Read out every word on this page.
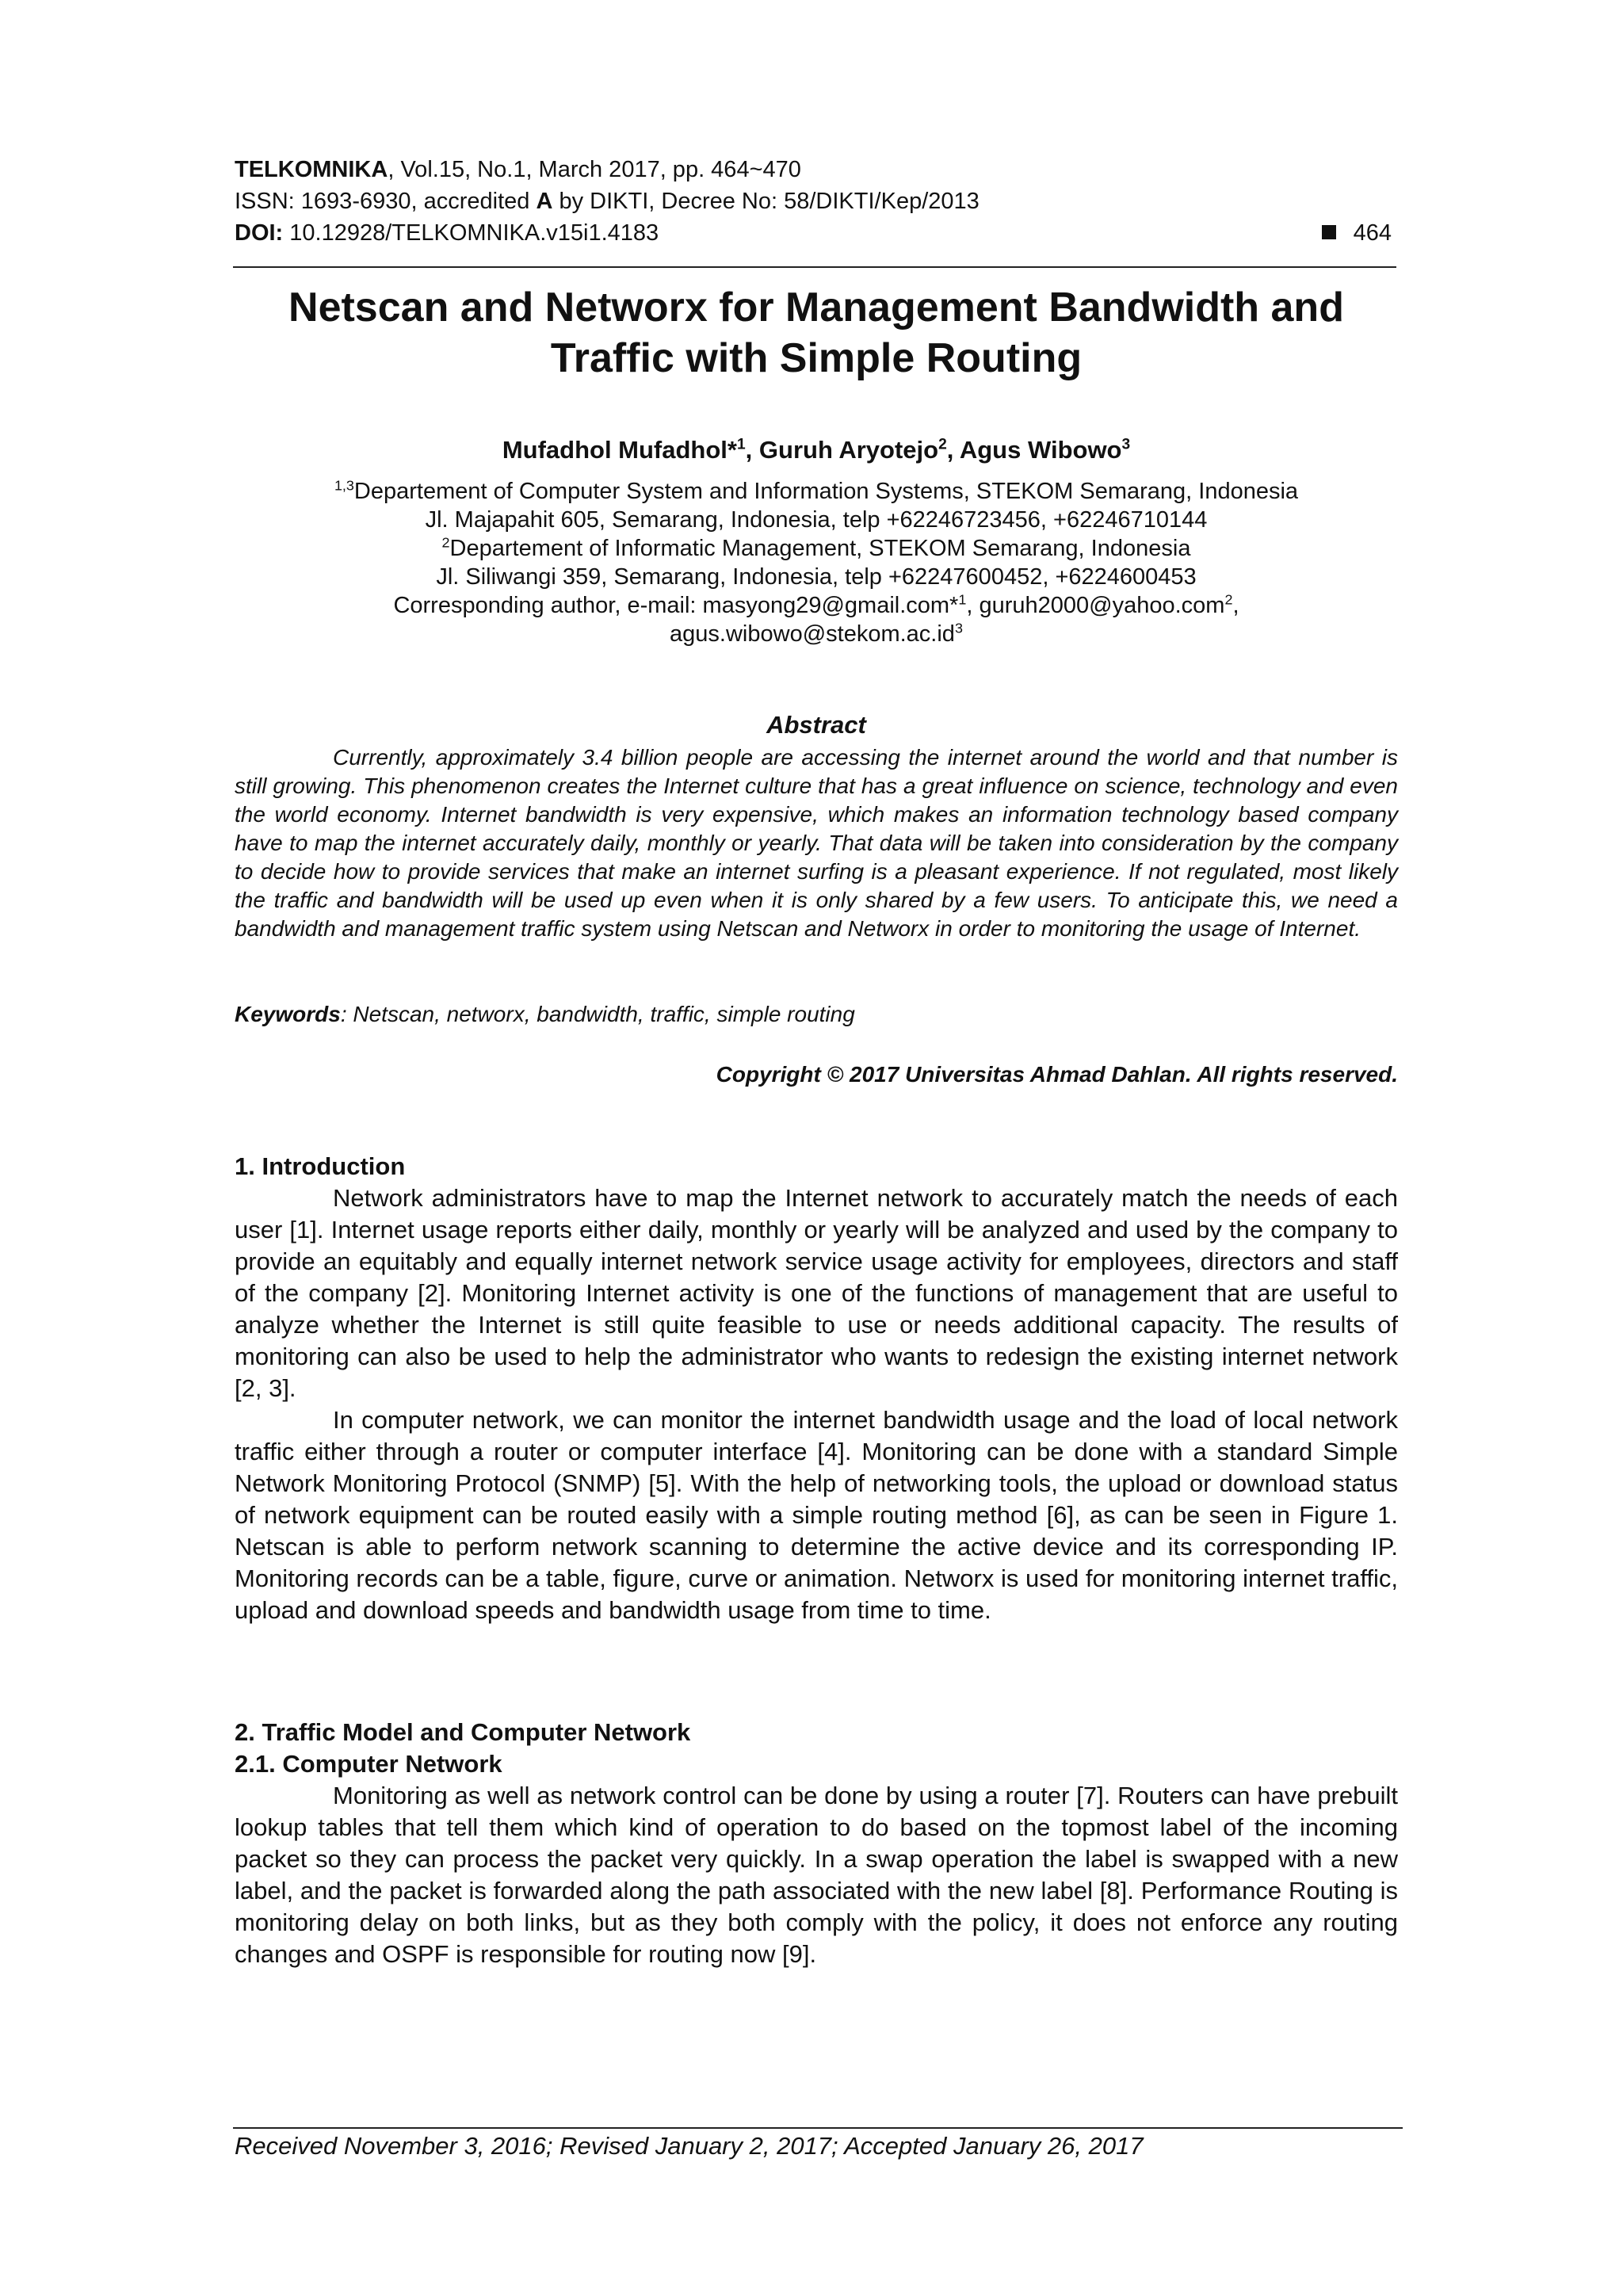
TELKOMNIKA, Vol.15, No.1, March 2017, pp. 464~470
ISSN: 1693-6930, accredited A by DIKTI, Decree No: 58/DIKTI/Kep/2013
DOI: 10.12928/TELKOMNIKA.v15i1.4183	464
Netscan and Networx for Management Bandwidth and
Traffic with Simple Routing
Mufadhol Mufadhol*$^1$, Guruh Aryotejo$^2$, Agus Wibowo$^3$
$^{1,3}$Departement of Computer System and Information Systems, STEKOM Semarang, Indonesia
Jl. Majapahit 605, Semarang, Indonesia, telp +62246723456, +62246710144
$^2$Departement of Informatic Management, STEKOM Semarang, Indonesia
Jl. Siliwangi 359, Semarang, Indonesia, telp +62247600452, +6224600453
Corresponding author, e-mail: masyong29@gmail.com*$^1$, guruh2000@yahoo.com$^2$,
$agus.wibowo@stekom.ac.id^3$
Abstract

Currently, approximately 3.4 billion people are accessing the internet around the world and that number is still growing. This phenomenon creates the Internet culture that has a great influence on science, technology and even the world economy. Internet bandwidth is very expensive, which makes an information technology based company have to map the internet accurately daily, monthly or yearly. That data will be taken into consideration by the company to decide how to provide services that make an internet surfing is a pleasant experience. If not regulated, most likely the traffic and bandwidth will be used up even when it is only shared by a few users. To anticipate this, we need a bandwidth and management traffic system using Netscan and Networx in order to monitoring the usage of Internet.

Keywords: Netscan, networx, bandwidth, traffic, simple routing
Copyright © 2017 Universitas Ahmad Dahlan. All rights reserved.
1. Introduction

Network administrators have to map the Internet network to accurately match the needs of each user [1]. Internet usage reports either daily, monthly or yearly will be analyzed and used by the company to provide an equitably and equally internet network service usage activity for employees, directors and staff of the company [2]. Monitoring Internet activity is one of the functions of management that are useful to analyze whether the Internet is still quite feasible to use or needs additional capacity. The results of monitoring can also be used to help the administrator who wants to redesign the existing internet network [2, 3].

In computer network, we can monitor the internet bandwidth usage and the load of local network traffic either through a router or computer interface [4]. Monitoring can be done with a standard Simple Network Monitoring Protocol (SNMP) [5]. With the help of networking tools, the upload or download status of network equipment can be routed easily with a simple routing method [6], as can be seen in Figure 1. Netscan is able to perform network scanning to determine the active device and its corresponding IP. Monitoring records can be a table, figure, curve or animation. Networx is used for monitoring internet traffic, upload and download speeds and bandwidth usage from time to time.

2. Traffic Model and Computer Network
2.1. Computer Network

Monitoring as well as network control can be done by using a router [7]. Routers can have prebuilt lookup tables that tell them which kind of operation to do based on the topmost label of the incoming packet so they can process the packet very quickly. In a swap operation the label is swapped with a new label, and the packet is forwarded along the path associated with the new label [8]. Performance Routing is monitoring delay on both links, but as they both comply with the policy, it does not enforce any routing changes and OSPF is responsible for routing now [9].

Received November 3, 2016; Revised January 2, 2017; Accepted January 26, 2017
